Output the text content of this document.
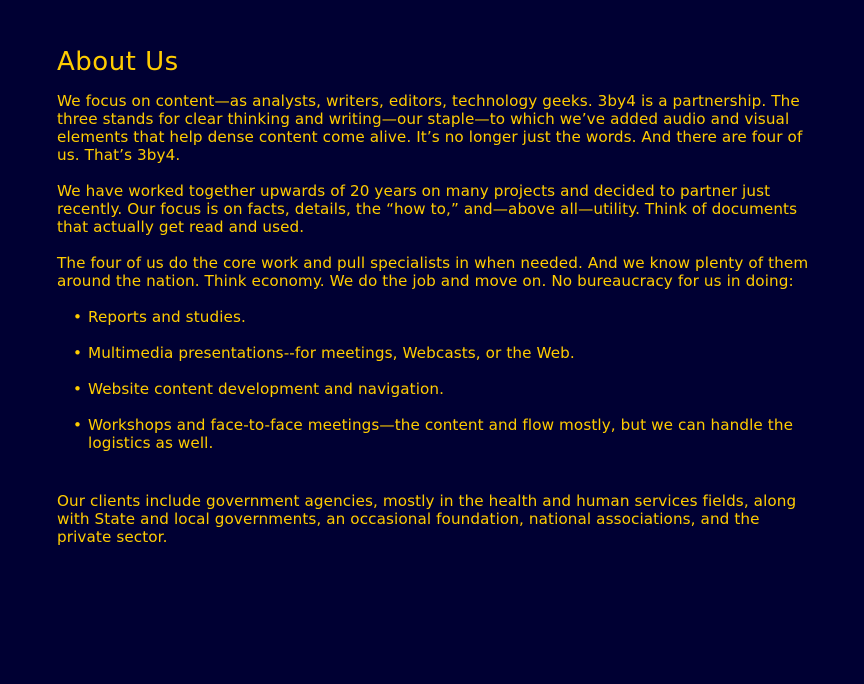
About Us

We focus on content—as analysts, writers, editors, technology geeks. 3by4 is a partnership. The three stands for clear thinking and writing—our staple—to which we’ve added audio and visual elements that help dense content come alive. It’s no longer just the words. And there are four of us. That’s 3by4.

We have worked together upwards of 20 years on many projects and decided to partner just recently. Our focus is on facts, details, the “how to,” and—above all—utility. Think of documents that actually get read and used.

The four of us do the core work and pull specialists in when needed. And we know plenty of them around the nation. Think economy. We do the job and move on. No bureaucracy for us in doing:

• Reports and studies.
• Multimedia presentations--for meetings, Webcasts, or the Web.
• Website content development and navigation.
• Workshops and face-to-face meetings—the content and flow mostly, but we can handle the logistics as well.

Our clients include government agencies, mostly in the health and human services fields, along with State and local governments, an occasional foundation, national associations, and the private sector.
